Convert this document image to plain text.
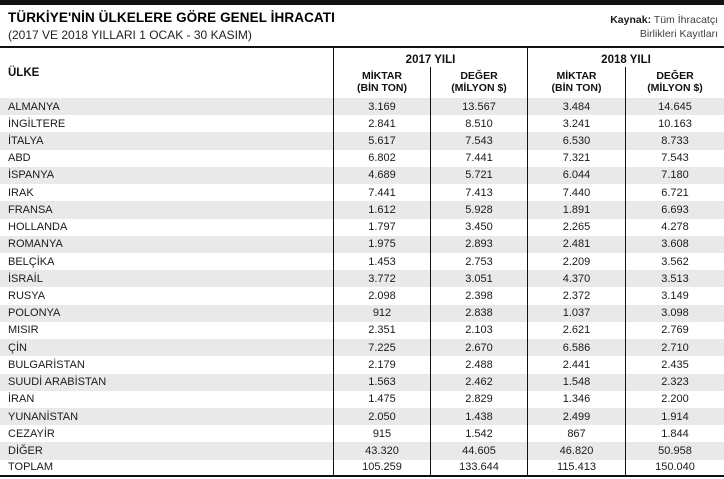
TÜRKİYE'NİN ÜLKELERE GÖRE GENEL İHRACATI
(2017 VE 2018 YILLARI 1 OCAK - 30 KASIM)
Kaynak: Tüm İhracatçı
Birlikleri Kayıtları
ÜLKE
2017 YILI	2018 YILI
MİKTAR
(BİN TON)
DEĞER
(MİLYON $)
MİKTAR
(BİN TON)
DEĞER
(MİLYON $)
ALMANYA	3.169	13.567	3.484	14.645
İNGİLTERE	2.841	8.510	3.241	10.163
İTALYA	5.617	7.543	6.530	8.733
ABD	6.802	7.441	7.321	7.543
İSPANYA	4.689	5.721	6.044	7.180
IRAK	7.441	7.413	7.440	6.721
FRANSA	1.612	5.928	1.891	6.693
HOLLANDA	1.797	3.450	2.265	4.278
ROMANYA	1.975	2.893	2.481	3.608
BELÇİKA	1.453	2.753	2.209	3.562
İSRAİL	3.772	3.051	4.370	3.513
RUSYA	2.098	2.398	2.372	3.149
POLONYA	912	2.838	1.037	3.098
MISIR	2.351	2.103	2.621	2.769
ÇİN	7.225	2.670	6.586	2.710
BULGARİSTAN	2.179	2.488	2.441	2.435
SUUDİ ARABİSTAN	1.563	2.462	1.548	2.323
İRAN	1.475	2.829	1.346	2.200
YUNANİSTAN	2.050	1.438	2.499	1.914
CEZAYİR	915	1.542	867	1.844
DİĞER	43.320	44.605	46.820	50.958
TOPLAM	105.259	133.644	115.413	150.040
